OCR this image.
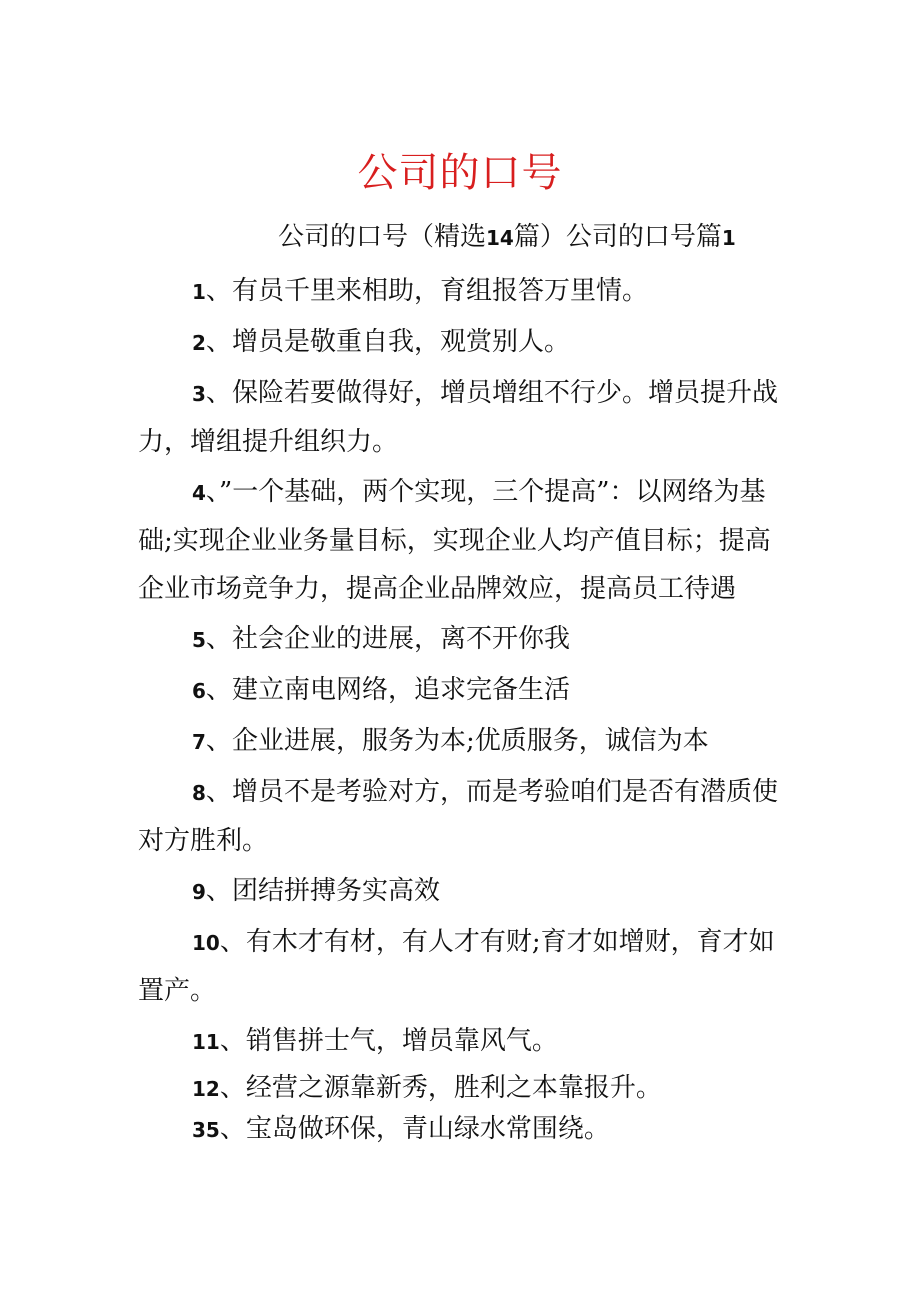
公司的口号

公司的口号（精选14篇）公司的口号篇1

1、有员千里来相助，育组报答万里情。

2、增员是敬重自我，观赏别人。

3、保险若要做得好，增员增组不行少。增员提升战力，增组提升组织力。

4、”一个基础，两个实现，三个提高”：以网络为基础;实现企业业务量目标，实现企业人均产值目标；提高企业市场竞争力，提高企业品牌效应，提高员工待遇

5、社会企业的进展，离不开你我

6、建立南电网络，追求完备生活

7、企业进展，服务为本;优质服务，诚信为本

8、增员不是考验对方，而是考验咱们是否有潜质使对方胜利。

9、团结拼搏务实高效

10、有木才有材，有人才有财;育才如增财，育才如置产。

11、销售拼士气，增员靠风气。

12、经营之源靠新秀，胜利之本靠报升。

35、宝岛做环保，青山绿水常围绕。
